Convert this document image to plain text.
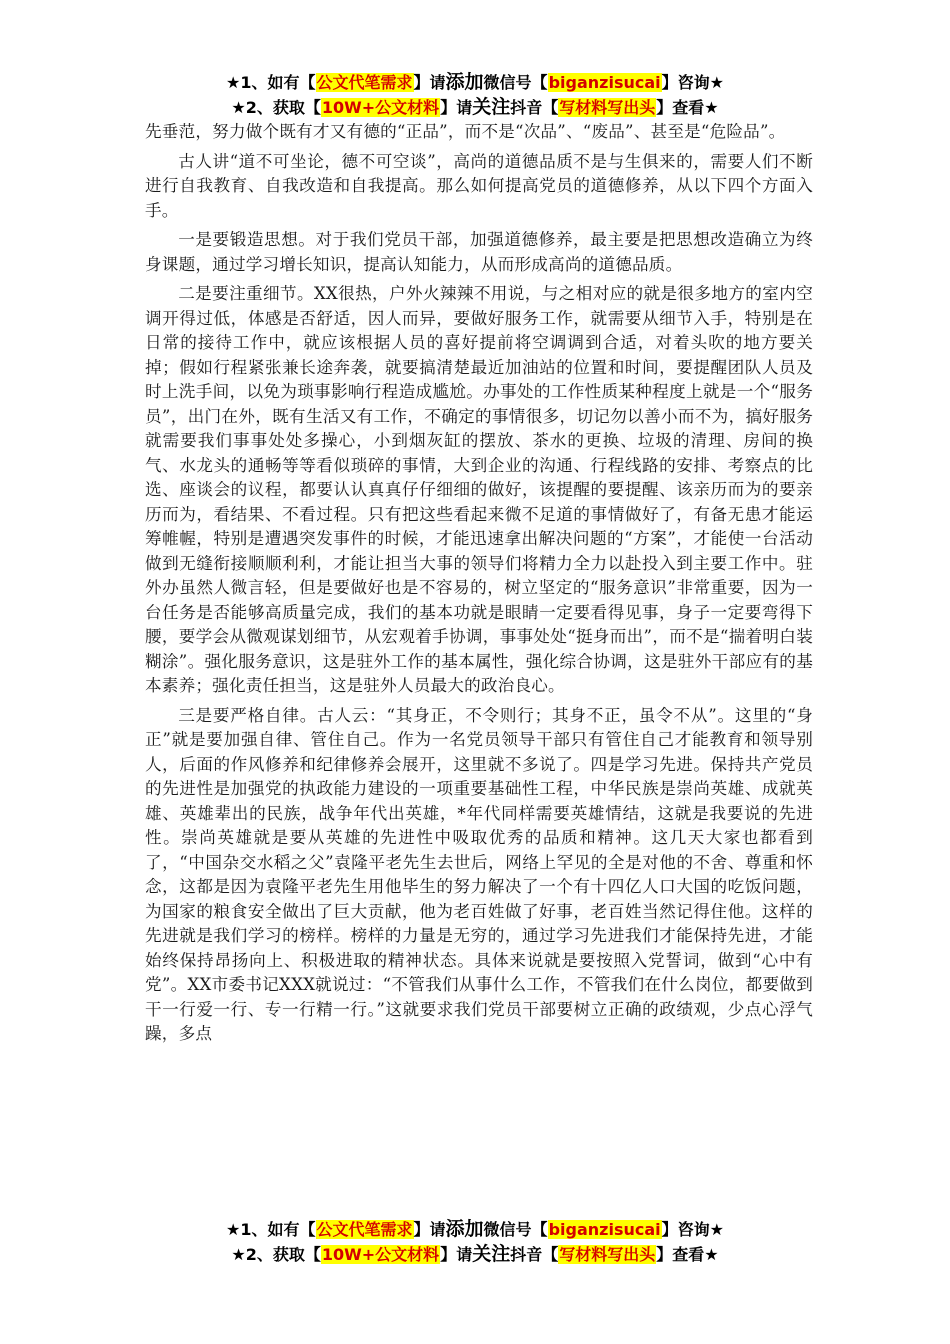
★1、如有【公文代笔需求】请添加微信号【biganzisucai】咨询★
★2、获取【10W+公文材料】请关注抖音【写材料写出头】查看★

先垂范，努力做个既有才又有德的“正品”，而不是“次品”、“废品”、甚至是“危险品”。

古人讲“道不可坐论，德不可空谈”，高尚的道德品质不是与生俱来的，需要人们不断进行自我教育、自我改造和自我提高。那么如何提高党员的道德修养，从以下四个方面入手。

一是要锻造思想。对于我们党员干部，加强道德修养，最主要是把思想改造确立为终身课题，通过学习增长知识，提高认知能力，从而形成高尚的道德品质。

二是要注重细节。XX很热，户外火辣辣不用说，与之相对应的就是很多地方的室内空调开得过低，体感是否舒适，因人而异，要做好服务工作，就需要从细节入手，特别是在日常的接待工作中，就应该根据人员的喜好提前将空调调到合适，对着头吹的地方要关掉；假如行程紧张兼长途奔袭，就要搞清楚最近加油站的位置和时间，要提醒团队人员及时上洗手间，以免为琐事影响行程造成尴尬。办事处的工作性质某种程度上就是一个“服务员”，出门在外，既有生活又有工作，不确定的事情很多，切记勿以善小而不为，搞好服务就需要我们事事处处多操心，小到烟灰缸的摆放、茶水的更换、垃圾的清理、房间的换气、水龙头的通畅等等看似琐碎的事情，大到企业的沟通、行程线路的安排、考察点的比选、座谈会的议程，都要认认真真仔仔细细的做好，该提醒的要提醒、该亲历而为的要亲历而为，看结果、不看过程。只有把这些看起来微不足道的事情做好了，有备无患才能运筹帷幄，特别是遭遇突发事件的时候，才能迅速拿出解决问题的“方案”，才能使一台活动做到无缝衔接顺顺利利，才能让担当大事的领导们将精力全力以赴投入到主要工作中。驻外办虽然人微言轻，但是要做好也是不容易的，树立坚定的“服务意识”非常重要，因为一台任务是否能够高质量完成，我们的基本功就是眼睛一定要看得见事，身子一定要弯得下腰，要学会从微观谋划细节，从宏观着手协调，事事处处“挺身而出”，而不是“揣着明白装糊涂”。强化服务意识，这是驻外工作的基本属性，强化综合协调，这是驻外干部应有的基本素养；强化责任担当，这是驻外人员最大的政治良心。

三是要严格自律。古人云：“其身正，不令则行；其身不正，虽令不从”。这里的“身正”就是要加强自律、管住自己。作为一名党员领导干部只有管住自己才能教育和领导别人，后面的作风修养和纪律修养会展开，这里就不多说了。四是学习先进。保持共产党员的先进性是加强党的执政能力建设的一项重要基础性工程，中华民族是崇尚英雄、成就英雄、英雄辈出的民族，战争年代出英雄，*年代同样需要英雄情结，这就是我要说的先进性。崇尚英雄就是要从英雄的先进性中吸取优秀的品质和精神。这几天大家也都看到了，“中国杂交水稻之父”袁隆平老先生去世后，网络上罕见的全是对他的不舍、尊重和怀念，这都是因为袁隆平老先生用他毕生的努力解决了一个有十四亿人口大国的吃饭问题，为国家的粮食安全做出了巨大贡献，他为老百姓做了好事，老百姓当然记得住他。这样的先进就是我们学习的榜样。榜样的力量是无穷的，通过学习先进我们才能保持先进，才能始终保持昂扬向上、积极进取的精神状态。具体来说就是要按照入党誓词，做到“心中有党”。XX市委书记XXX就说过：“不管我们从事什么工作，不管我们在什么岗位，都要做到干一行爱一行、专一行精一行。”这就要求我们党员干部要树立正确的政绩观，少点心浮气躁，多点

★1、如有【公文代笔需求】请添加微信号【biganzisucai】咨询★
★2、获取【10W+公文材料】请关注抖音【写材料写出头】查看★
